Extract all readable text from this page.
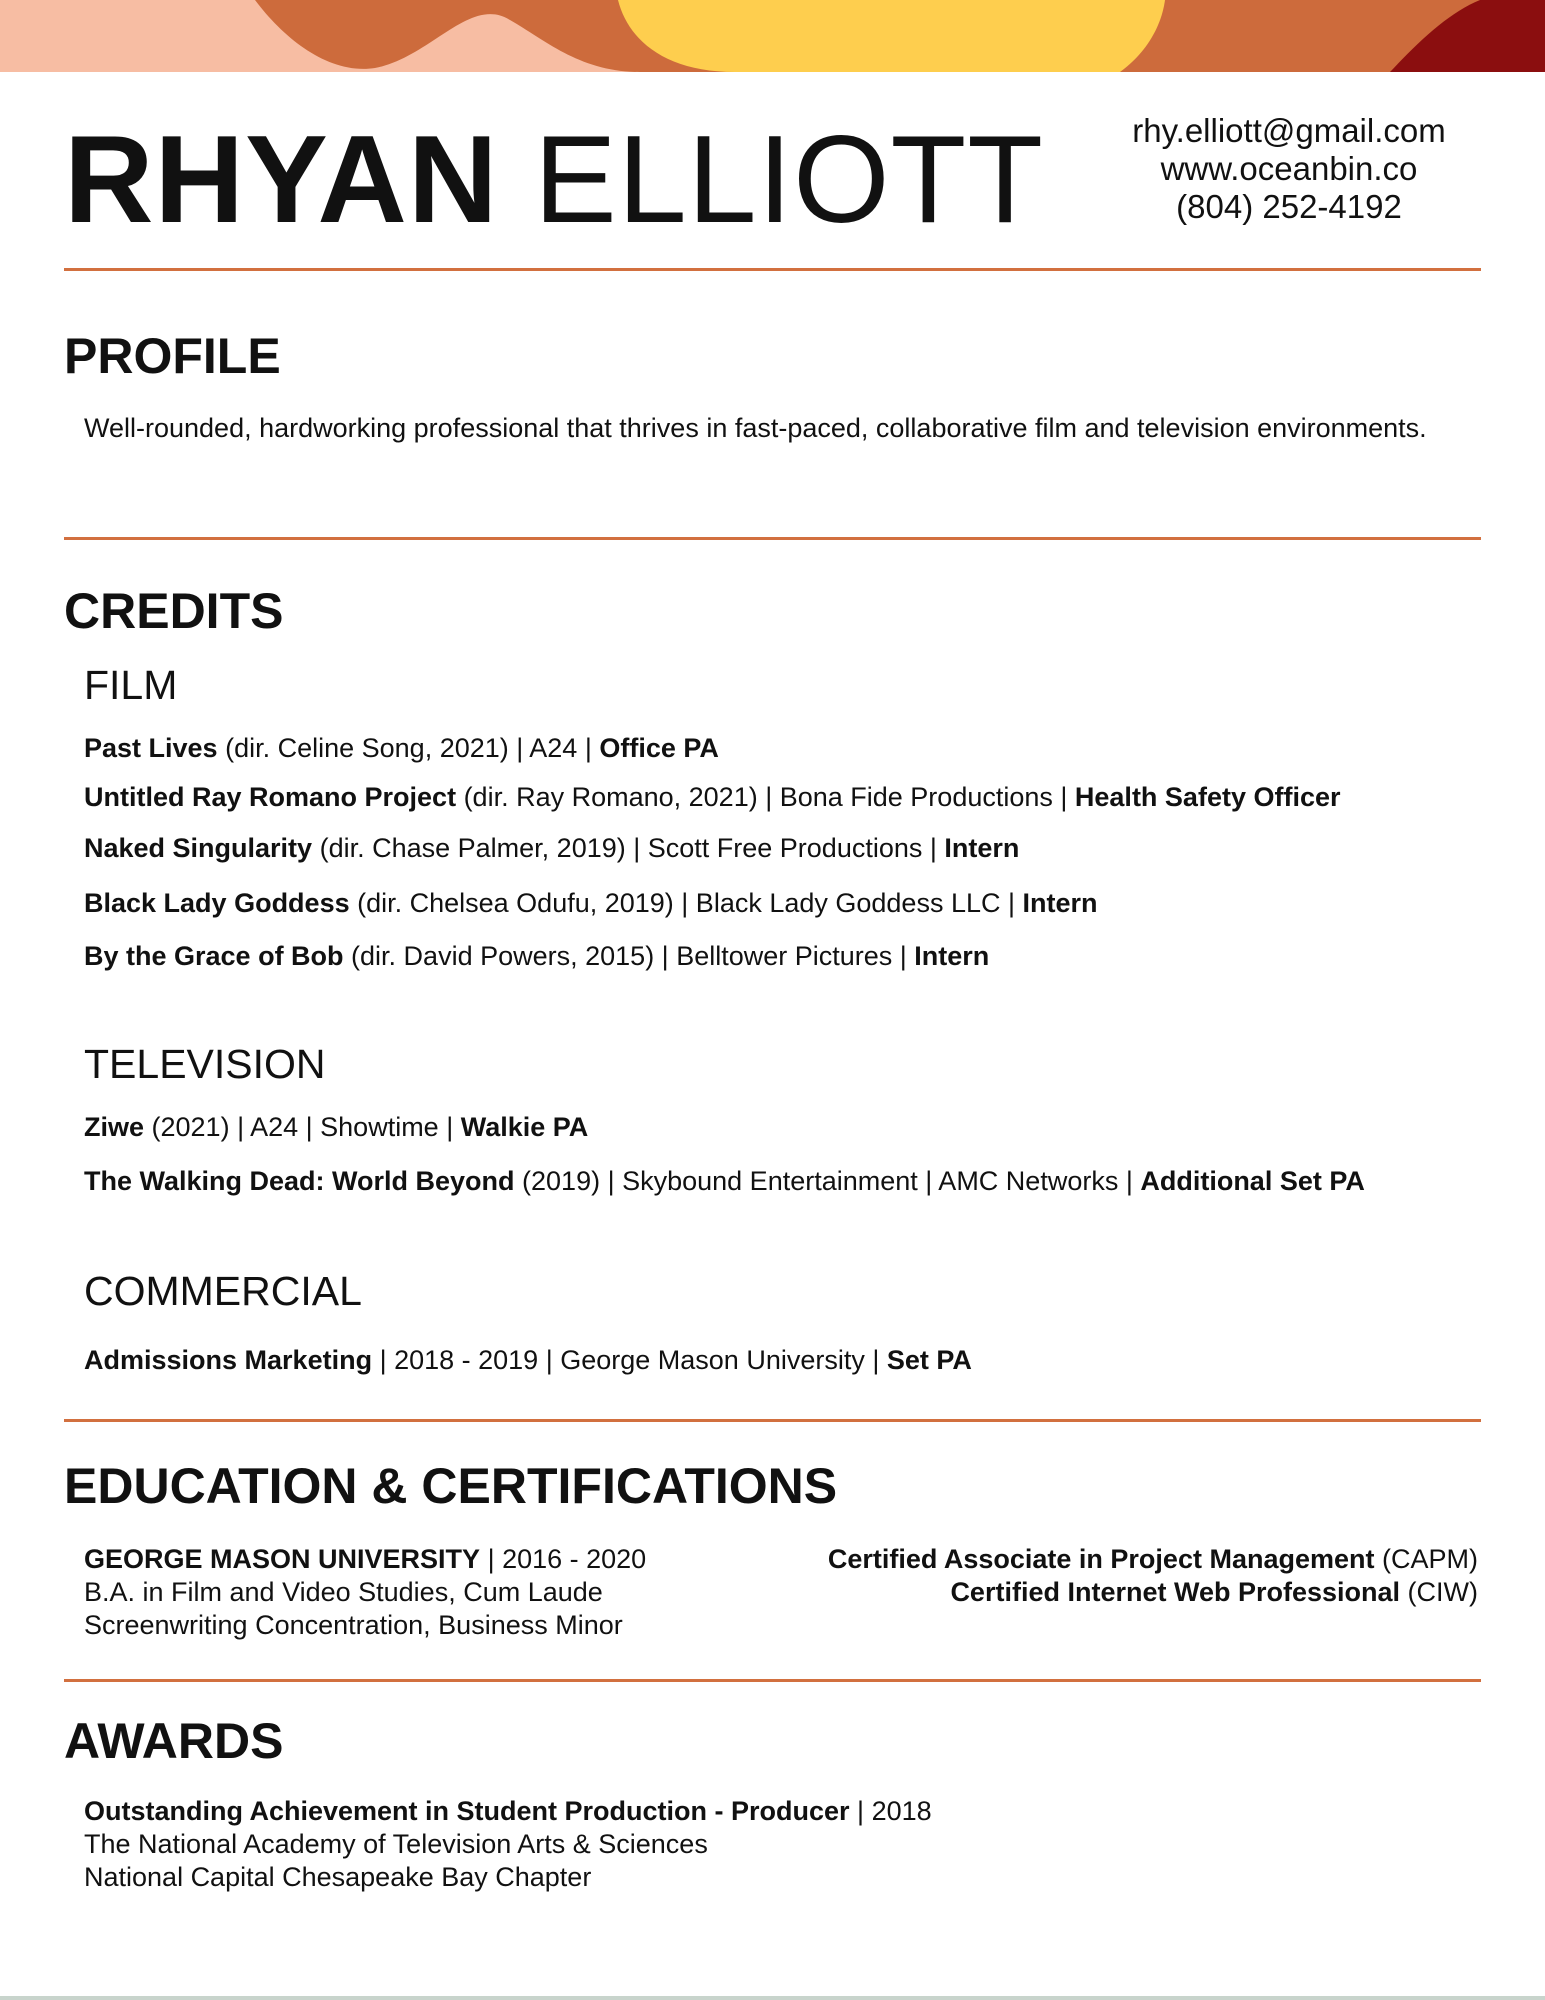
RHYAN ELLIOTT	rhy.elliott@gmail.com
www.oceanbin.co
(804) 252-4192
PROFILE
Well-rounded, hardworking professional that thrives in fast-paced, collaborative film and television environments.
CREDITS
FILM
Past Lives (dir. Celine Song, 2021) | A24 | Office PA
Untitled Ray Romano Project (dir. Ray Romano, 2021) | Bona Fide Productions | Health Safety Officer
Naked Singularity (dir. Chase Palmer, 2019) | Scott Free Productions | Intern
Black Lady Goddess (dir. Chelsea Odufu, 2019) | Black Lady Goddess LLC | Intern
By the Grace of Bob (dir. David Powers, 2015) | Belltower Pictures | Intern
TELEVISION
Ziwe (2021) | A24 | Showtime | Walkie PA
The Walking Dead: World Beyond (2019) | Skybound Entertainment | AMC Networks | Additional Set PA
COMMERCIAL
Admissions Marketing | 2018 - 2019 | George Mason University | Set PA
EDUCATION & CERTIFICATIONS
GEORGE MASON UNIVERSITY | 2016 - 2020
B.A. in Film and Video Studies, Cum Laude
Screenwriting Concentration, Business Minor
Certified Associate in Project Management (CAPM)
Certified Internet Web Professional (CIW)
AWARDS
Outstanding Achievement in Student Production - Producer | 2018
The National Academy of Television Arts & Sciences
National Capital Chesapeake Bay Chapter
